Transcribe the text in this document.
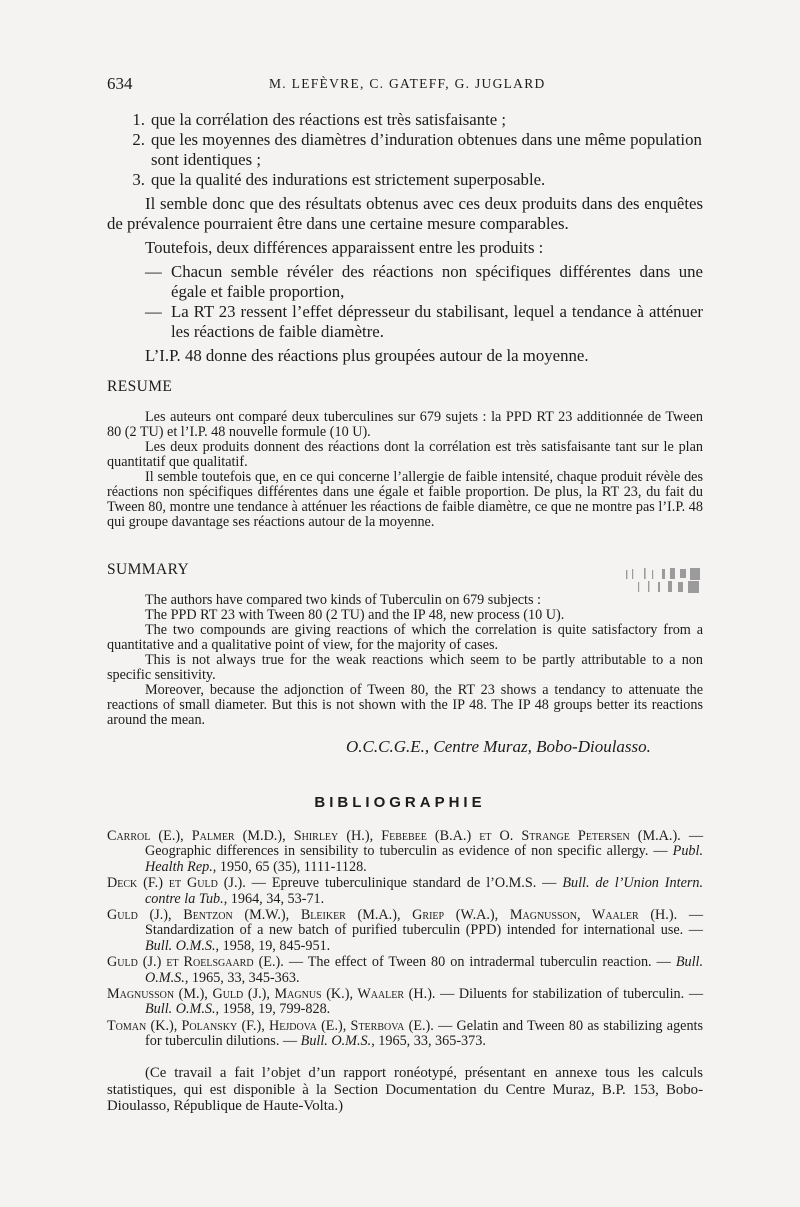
634	M. LEFÈVRE, C. GATEFF, G. JUGLARD
1. que la corrélation des réactions est très satisfaisante ;
2. que les moyennes des diamètres d’induration obtenues dans une même population sont identiques ;
3. que la qualité des indurations est strictement superposable.

Il semble donc que des résultats obtenus avec ces deux produits dans des enquêtes de prévalence pourraient être dans une certaine mesure comparables.

Toutefois, deux différences apparaissent entre les produits :

— Chacun semble révéler des réactions non spécifiques différentes dans une égale et faible proportion,
— La RT 23 ressent l’effet dépresseur du stabilisant, lequel a tendance à atténuer les réactions de faible diamètre.

L’I.P. 48 donne des réactions plus groupées autour de la moyenne.

RESUME

Les auteurs ont comparé deux tuberculines sur 679 sujets : la PPD RT 23 additionnée de Tween 80 (2 TU) et l’I.P. 48 nouvelle formule (10 U).

Les deux produits donnent des réactions dont la corrélation est très satisfaisante tant sur le plan quantitatif que qualitatif.

Il semble toutefois que, en ce qui concerne l’allergie de faible intensité, chaque produit révèle des réactions non spécifiques différentes dans une égale et faible proportion. De plus, la RT 23, du fait du Tween 80, montre une tendance à atténuer les réactions de faible diamètre, ce que ne montre pas l’I.P. 48 qui groupe davantage ses réactions autour de la moyenne.

SUMMARY

The authors have compared two kinds of Tuberculin on 679 subjects :

The PPD RT 23 with Tween 80 (2 TU) and the IP 48, new process (10 U).

The two compounds are giving reactions of which the correlation is quite satisfactory from a quantitative and a qualitative point of view, for the majority of cases.

This is not always true for the weak reactions which seem to be partly attributable to a non specific sensitivity.

Moreover, because the adjonction of Tween 80, the RT 23 shows a tendancy to attenuate the reactions of small diameter. But this is not shown with the IP 48. The IP 48 groups better its reactions around the mean.

O.C.C.G.E., Centre Muraz, Bobo-Dioulasso.
BIBLIOGRAPHIE

Carrol (E.), Palmer (M.D.), Shirley (H.), Febebee (B.A.) et O. Strange Petersen (M.A.). — Geographic differences in sensibility to tuberculin as evidence of non specific allergy. — Publ. Health Rep., 1950, 65 (35), 1111-1128.

Deck (F.) et Guld (J.). — Epreuve tuberculinique standard de l’O.M.S. — Bull. de l’Union Intern. contre la Tub., 1964, 34, 53-71.

Guld (J.), Bentzon (M.W.), Bleiker (M.A.), Griep (W.A.), Magnusson, Waaler (H.). — Standardization of a new batch of purified tuberculin (PPD) intended for international use. — Bull. O.M.S., 1958, 19, 845-951.

Guld (J.) et Roelsgaard (E.). — The effect of Tween 80 on intradermal tuberculin reaction. — Bull. O.M.S., 1965, 33, 345-363.

Magnusson (M.), Guld (J.), Magnus (K.), Waaler (H.). — Diluents for stabilization of tuberculin. — Bull. O.M.S., 1958, 19, 799-828.

Toman (K.), Polansky (F.), Hejdova (E.), Sterbova (E.). — Gelatin and Tween 80 as stabilizing agents for tuberculin dilutions. — Bull. O.M.S., 1965, 33, 365-373.

(Ce travail a fait l’objet d’un rapport ronéotypé, présentant en annexe tous les calculs statistiques, qui est disponible à la Section Documentation du Centre Muraz, B.P. 153, Bobo-Dioulasso, République de Haute-Volta.)
